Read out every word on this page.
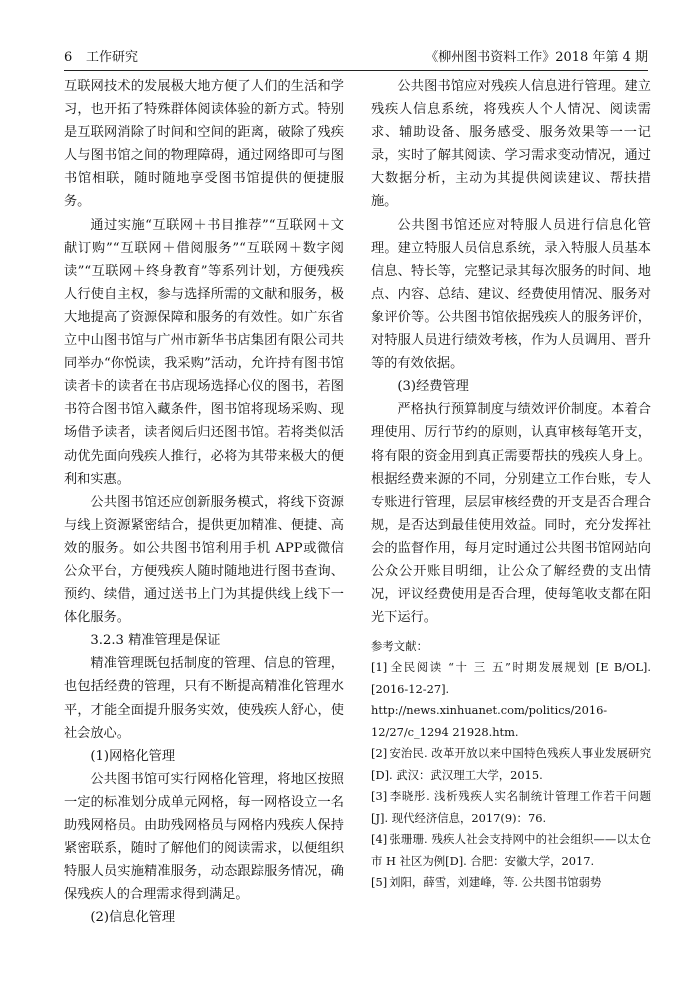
6 工作研究	《柳州图书资料工作》2018 年第 4 期

互联网技术的发展极大地方便了人们的生活和学习，也开拓了特殊群体阅读体验的新方式。特别是互联网消除了时间和空间的距离，破除了残疾人与图书馆之间的物理障碍，通过网络即可与图书馆相联，随时随地享受图书馆提供的便捷服务。

通过实施“互联网＋书目推荐”“互联网＋文献订购”“互联网＋借阅服务”“互联网＋数字阅读”“互联网＋终身教育”等系列计划，方便残疾人行使自主权，参与选择所需的文献和服务，极大地提高了资源保障和服务的有效性。如广东省立中山图书馆与广州市新华书店集团有限公司共同举办“你悦读，我采购”活动，允许持有图书馆读者卡的读者在书店现场选择心仪的图书，若图书符合图书馆入藏条件，图书馆将现场采购、现场借予读者，读者阅后归还图书馆。若将类似活动优先面向残疾人推行，必将为其带来极大的便利和实惠。

公共图书馆还应创新服务模式，将线下资源与线上资源紧密结合，提供更加精准、便捷、高效的服务。如公共图书馆利用手机 APP或微信公众平台，方便残疾人随时随地进行图书查询、预约、续借，通过送书上门为其提供线上线下一体化服务。

3.2.3 精准管理是保证

精准管理既包括制度的管理、信息的管理，也包括经费的管理，只有不断提高精准化管理水平，才能全面提升服务实效，使残疾人舒心，使社会放心。

(1)网格化管理

公共图书馆可实行网格化管理，将地区按照一定的标准划分成单元网格，每一网格设立一名助残网格员。由助残网格员与网格内残疾人保持紧密联系，随时了解他们的阅读需求，以便组织特服人员实施精准服务，动态跟踪服务情况，确保残疾人的合理需求得到满足。

(2)信息化管理

公共图书馆应对残疾人信息进行管理。建立残疾人信息系统，将残疾人个人情况、阅读需求、辅助设备、服务感受、服务效果等一一记录，实时了解其阅读、学习需求变动情况，通过大数据分析，主动为其提供阅读建议、帮扶措施。

公共图书馆还应对特服人员进行信息化管理。建立特服人员信息系统，录入特服人员基本信息、特长等，完整记录其每次服务的时间、地点、内容、总结、建议、经费使用情况、服务对象评价等。公共图书馆依据残疾人的服务评价，对特服人员进行绩效考核，作为人员调用、晋升等的有效依据。

(3)经费管理

严格执行预算制度与绩效评价制度。本着合理使用、厉行节约的原则，认真审核每笔开支，将有限的资金用到真正需要帮扶的残疾人身上。根据经费来源的不同，分别建立工作台账，专人专账进行管理，层层审核经费的开支是否合理合规，是否达到最佳使用效益。同时，充分发挥社会的监督作用，每月定时通过公共图书馆网站向公众公开账目明细，让公众了解经费的支出情况，评议经费使用是否合理，使每笔收支都在阳光下运行。

参考文献：
[1] 全民阅读 “十 三 五”时期发展规划 [E B/OL]. [2016-12-27]. http://news.xinhuanet.com/politics/2016-12/27/c_1294 21928.htm.
[2] 安治民. 改革开放以来中国特色残疾人事业发展研究[D]. 武汉：武汉理工大学，2015.
[3] 李晓彤. 浅析残疾人实名制统计管理工作若干问题[J]. 现代经济信息，2017(9)：76.
[4] 张珊珊. 残疾人社会支持网中的社会组织——以太仓市 H 社区为例[D]. 合肥：安徽大学，2017.
[5] 刘阳，薛雪，刘建峰，等. 公共图书馆弱势
